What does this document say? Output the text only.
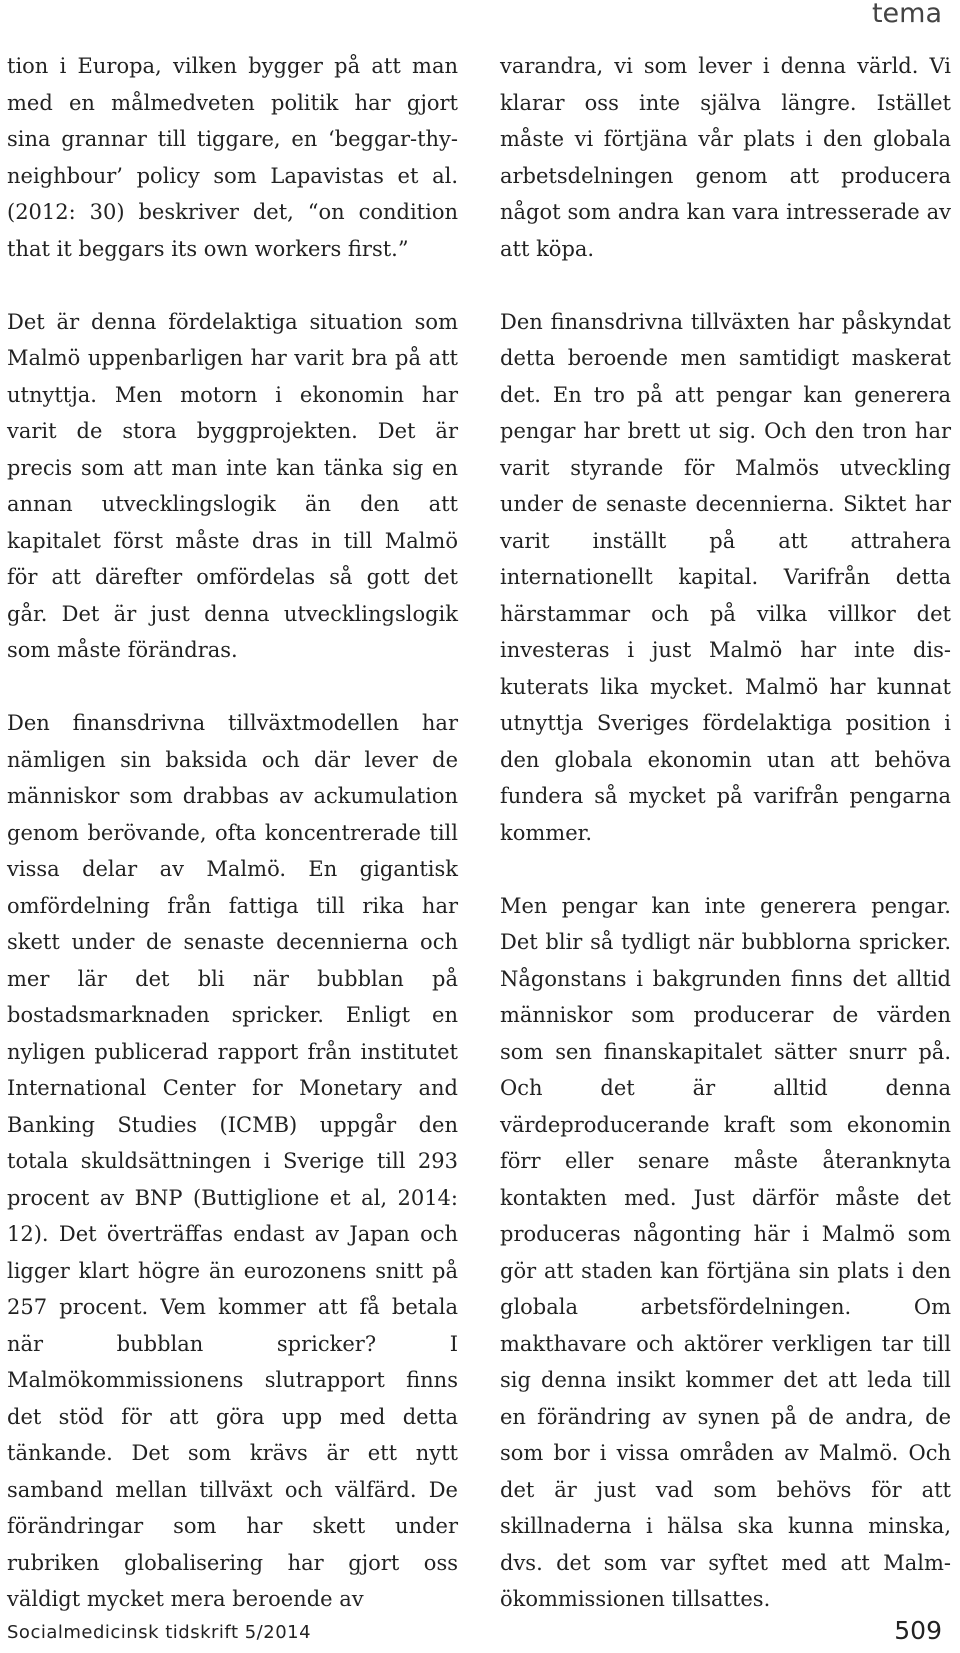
tema

tion i Europa, vilken bygger på att man med en målmedveten politik har gjort sina grannar till tiggare, en ‘beggar-thy-neighbour’ policy som Lapavistas et al. (2012: 30) beskriver det, “on condition that it beggars its own workers first.”

Det är denna fördelaktiga situation som Malmö uppenbarligen har varit bra på att utnyttja. Men motorn i ekonomin har varit de stora byggprojekten. Det är precis som att man inte kan tänka sig en annan utvecklingslogik än den att kapitalet först måste dras in till Malmö för att därefter omfördelas så gott det går. Det är just denna utvecklingslogik som måste förändras.

Den finansdrivna tillväxtmodellen har nämligen sin baksida och där lever de människor som drabbas av ackumulation genom berövande, ofta koncentrerade till vissa delar av Malmö. En gigantisk omfördelning från fattiga till rika har skett under de senaste decennierna och mer lär det bli när bubblan på bostadsmarknaden spricker. Enligt en nyligen publicerad rapport från institutet International Center for Monetary and Banking Studies (ICMB) uppgår den totala skuldsättningen i Sverige till 293 procent av BNP (Buttiglione et al, 2014: 12). Det överträffas endast av Japan och ligger klart högre än eurozonens snitt på 257 procent. Vem kommer att få betala när bubblan spricker? I Malmökommissionens slutrapport finns det stöd för att göra upp med detta tänkande. Det som krävs är ett nytt samband mellan tillväxt och välfärd. De förändringar som har skett under rubriken globalisering har gjort oss väldigt mycket mera beroende av

varandra, vi som lever i denna värld. Vi klarar oss inte själva längre. Istället måste vi förtjäna vår plats i den globala arbetsdelningen genom att producera något som andra kan vara intresserade av att köpa.

Den finansdrivna tillväxten har påskyndat detta beroende men samtidigt maskerat det. En tro på att pengar kan generera pengar har brett ut sig. Och den tron har varit styrande för Malmös utveckling under de senaste decennierna. Siktet har varit inställt på att attrahera internationellt kapital. Varifrån detta härstammar och på vilka villkor det investeras i just Malmö har inte diskuterats lika mycket. Malmö har kunnat utnyttja Sveriges fördelaktiga position i den globala ekonomin utan att behöva fundera så mycket på varifrån pengarna kommer.

Men pengar kan inte generera pengar. Det blir så tydligt när bubblorna spricker. Någonstans i bakgrunden finns det alltid människor som producerar de värden som sen finanskapitalet sätter snurr på. Och det är alltid denna värdeproducerande kraft som ekonomin förr eller senare måste återanknyta kontakten med. Just därför måste det produceras någonting här i Malmö som gör att staden kan förtjäna sin plats i den globala arbetsfördelningen. Om makthavare och aktörer verkligen tar till sig denna insikt kommer det att leda till en förändring av synen på de andra, de som bor i vissa områden av Malmö. Och det är just vad som behövs för att skillnaderna i hälsa ska kunna minska, dvs. det som var syftet med att Malmökommissionen tillsattes.

Socialmedicinsk tidskrift 5/2014	509
